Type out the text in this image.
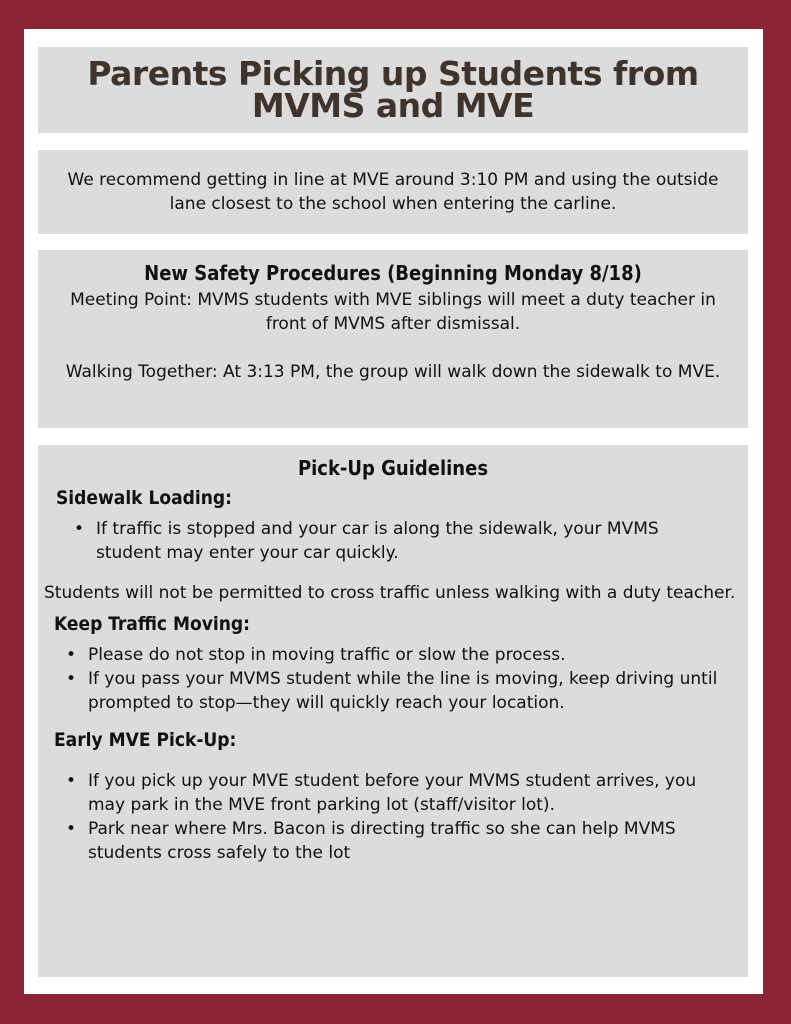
Parents Picking up Students from MVMS and MVE

We recommend getting in line at MVE around 3:10 PM and using the outside lane closest to the school when entering the carline.

New Safety Procedures (Beginning Monday 8/18)

Meeting Point: MVMS students with MVE siblings will meet a duty teacher in front of MVMS after dismissal.

Walking Together: At 3:13 PM, the group will walk down the sidewalk to MVE.

Pick-Up Guidelines
Sidewalk Loading:
• If traffic is stopped and your car is along the sidewalk, your MVMS student may enter your car quickly.

Students will not be permitted to cross traffic unless walking with a duty teacher.

Keep Traffic Moving:
• Please do not stop in moving traffic or slow the process.
• If you pass your MVMS student while the line is moving, keep driving until prompted to stop—they will quickly reach your location.
Early MVE Pick-Up:
• If you pick up your MVE student before your MVMS student arrives, you may park in the MVE front parking lot (staff/visitor lot).
• Park near where Mrs. Bacon is directing traffic so she can help MVMS students cross safely to the lot
